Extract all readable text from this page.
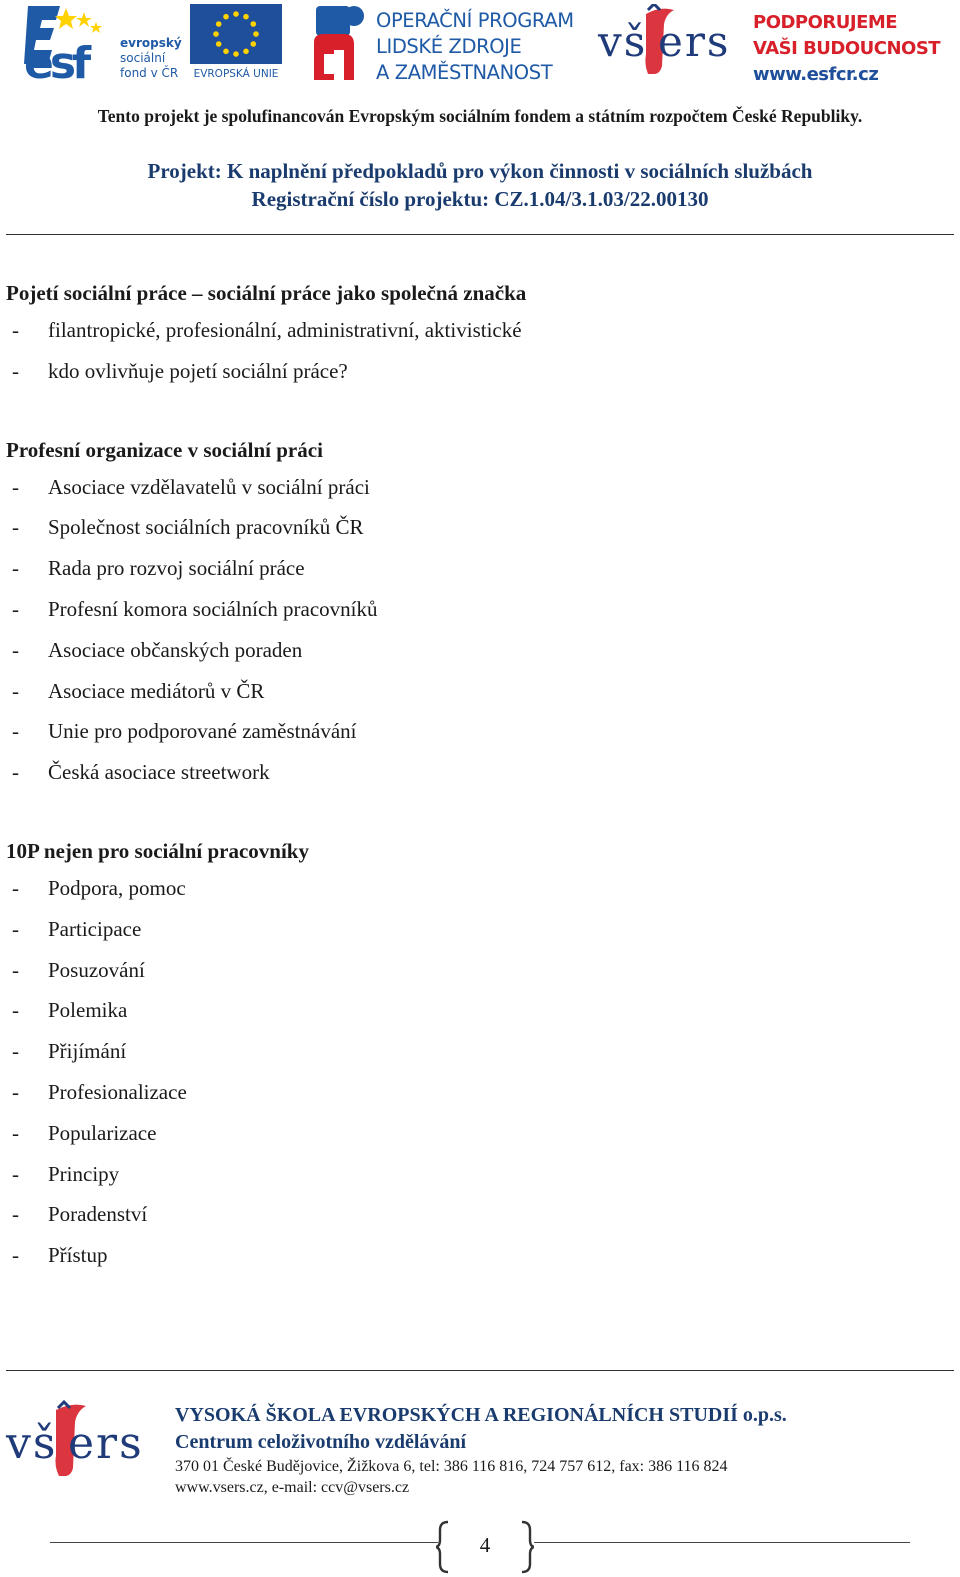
esf	evropský
sociální
fond v ČR	EVROPSKÁ UNIE
OPERAČNÍ PROGRAM
LIDSKÉ ZDROJE
A ZAMĚSTNANOST
vš ers PODPORUJEME
VAŠI BUDOUCNOST
www.esfcr.cz
Tento projekt je spolufinancován Evropským sociálním fondem a státním rozpočtem České Republiky.
Projekt: K naplnění předpokladů pro výkon činnosti v sociálních službách
Registrační číslo projektu: CZ.1.04/3.1.03/22.00130
Pojetí sociální práce – sociální práce jako společná značka
- filantropické, profesionální, administrativní, aktivistické
- kdo ovlivňuje pojetí sociální práce?
Profesní organizace v sociální práci
- Asociace vzdělavatelů v sociální práci
- Společnost sociálních pracovníků ČR
- Rada pro rozvoj sociální práce
- Profesní komora sociálních pracovníků
- Asociace občanských poraden
- Asociace mediátorů v ČR
- Unie pro podporované zaměstnávání
- Česká asociace streetwork
10P nejen pro sociální pracovníky
- Podpora, pomoc
- Participace
- Posuzování
- Polemika
- Přijímání
- Profesionalizace
- Popularizace
- Principy
- Poradenství
- Přístup
vš ers
VYSOKÁ ŠKOLA EVROPSKÝCH A REGIONÁLNÍCH STUDIÍ o.p.s.
Centrum celoživotního vzdělávání
370 01 České Budějovice, Žižkova 6, tel: 386 116 816, 724 757 612, fax: 386 116 824
www.vsers.cz, e-mail: ccv@vsers.cz
4
